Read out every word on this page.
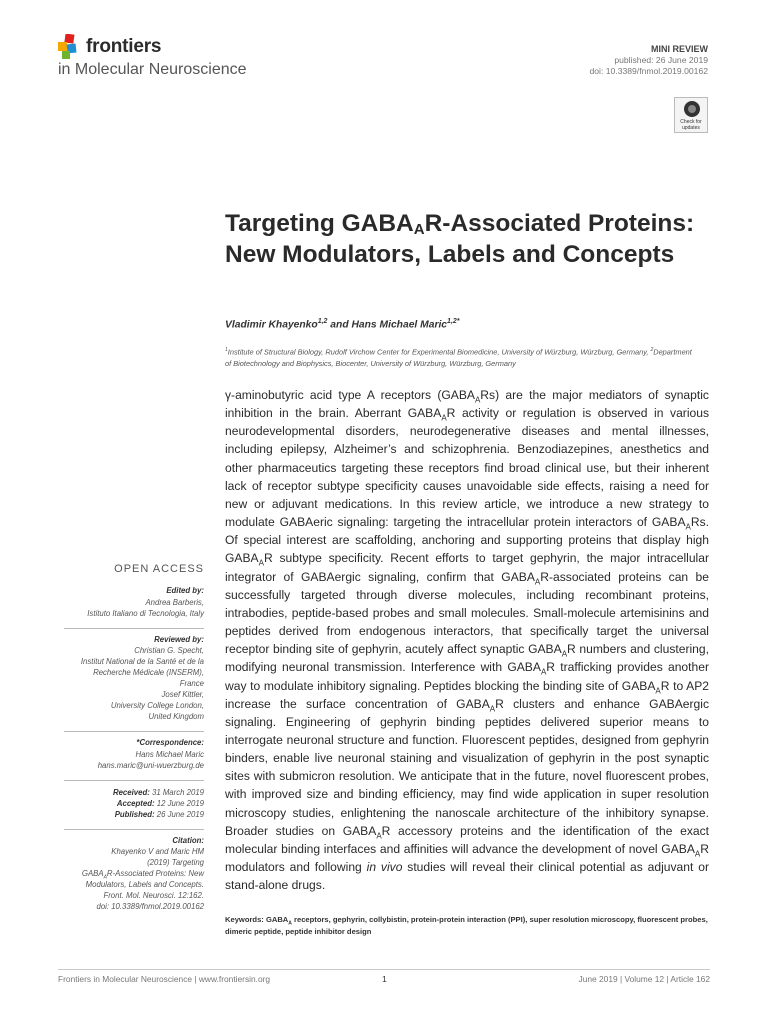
frontiers
in Molecular Neuroscience
MINI REVIEW
published: 26 June 2019
doi: 10.3389/fnmol.2019.00162
Check for
updates
Targeting $GABA_AR$-Associated Proteins: New Modulators, Labels and Concepts
Vladimir Khayenko$^{1,2}$ and Hans Michael Maric$^{1,2*}$
$^1$Institute of Structural Biology, Rudolf Virchow Center for Experimental Biomedicine, University of Würzburg, Würzburg, Germany, $^2$Department of Biotechnology and Biophysics, Biocenter, University of Würzburg, Würzburg, Germany

γ-aminobutyric acid type A receptors $(GABA_ARs)$ are the major mediators of synaptic inhibition in the brain. Aberrant $GABA_AR$ activity or regulation is observed in various neurodevelopmental disorders, neurodegenerative diseases and mental illnesses, including epilepsy, Alzheimer’s and schizophrenia. Benzodiazepines, anesthetics and other pharmaceutics targeting these receptors find broad clinical use, but their inherent lack of receptor subtype specificity causes unavoidable side effects, raising a need for new or adjuvant medications. In this review article, we introduce a new strategy to modulate GABAeric signaling: targeting the intracellular protein interactors of $GABA_ARs$. Of special interest are scaffolding, anchoring and supporting proteins that display high $GABA_AR$ subtype specificity. Recent efforts to target gephyrin, the major intracellular integrator of GABAergic signaling, confirm that $GABA_AR$-associated proteins can be successfully targeted through diverse molecules, including recombinant proteins, intrabodies, peptide-based probes and small molecules. Small-molecule artemisinins and peptides derived from endogenous interactors, that specifically target the universal receptor binding site of gephyrin, acutely affect synaptic $GABA_AR$ numbers and clustering, modifying neuronal transmission. Interference with $GABA_AR$ trafficking provides another way to modulate inhibitory signaling. Peptides blocking the binding site of $GABA_AR$ to AP2 increase the surface concentration of $GABA_AR$ clusters and enhance GABAergic signaling. Engineering of gephyrin binding peptides delivered superior means to interrogate neuronal structure and function. Fluorescent peptides, designed from gephyrin binders, enable live neuronal staining and visualization of gephyrin in the post synaptic sites with submicron resolution. We anticipate that in the future, novel fluorescent probes, with improved size and binding efficiency, may find wide application in super resolution microscopy studies, enlightening the nanoscale architecture of the inhibitory synapse. Broader studies on $GABA_AR$ accessory proteins and the identification of the exact molecular binding interfaces and affinities will advance the development of novel $GABA_AR$ modulators and following in vivo studies will reveal their clinical potential as adjuvant or stand-alone drugs.

Keywords: $GABA_A$ receptors, gephyrin, collybistin, protein-protein interaction (PPI), super resolution microscopy, fluorescent probes, dimeric peptide, peptide inhibitor design
OPEN ACCESS
Edited by:
Andrea Barberis,
Istituto Italiano di Tecnologia, Italy
Reviewed by:
Christian G. Specht,
Institut National de la Santé et de la
Recherche Médicale (INSERM),
France
Josef Kittler,
University College London,
United Kingdom
*Correspondence:
Hans Michael Maric
hans.maric@uni-wuerzburg.de
Received: 31 March 2019
Accepted: 12 June 2019
Published: 26 June 2019
Citation:
Khayenko V and Maric HM
(2019) Targeting
$GABA_AR$-Associated Proteins: New
Modulators, Labels and Concepts.
Front. Mol. Neurosci. 12:162.
doi: 10.3389/fnmol.2019.00162
Frontiers in Molecular Neuroscience | www.frontiersin.org	1	June 2019 | Volume 12 | Article 162
